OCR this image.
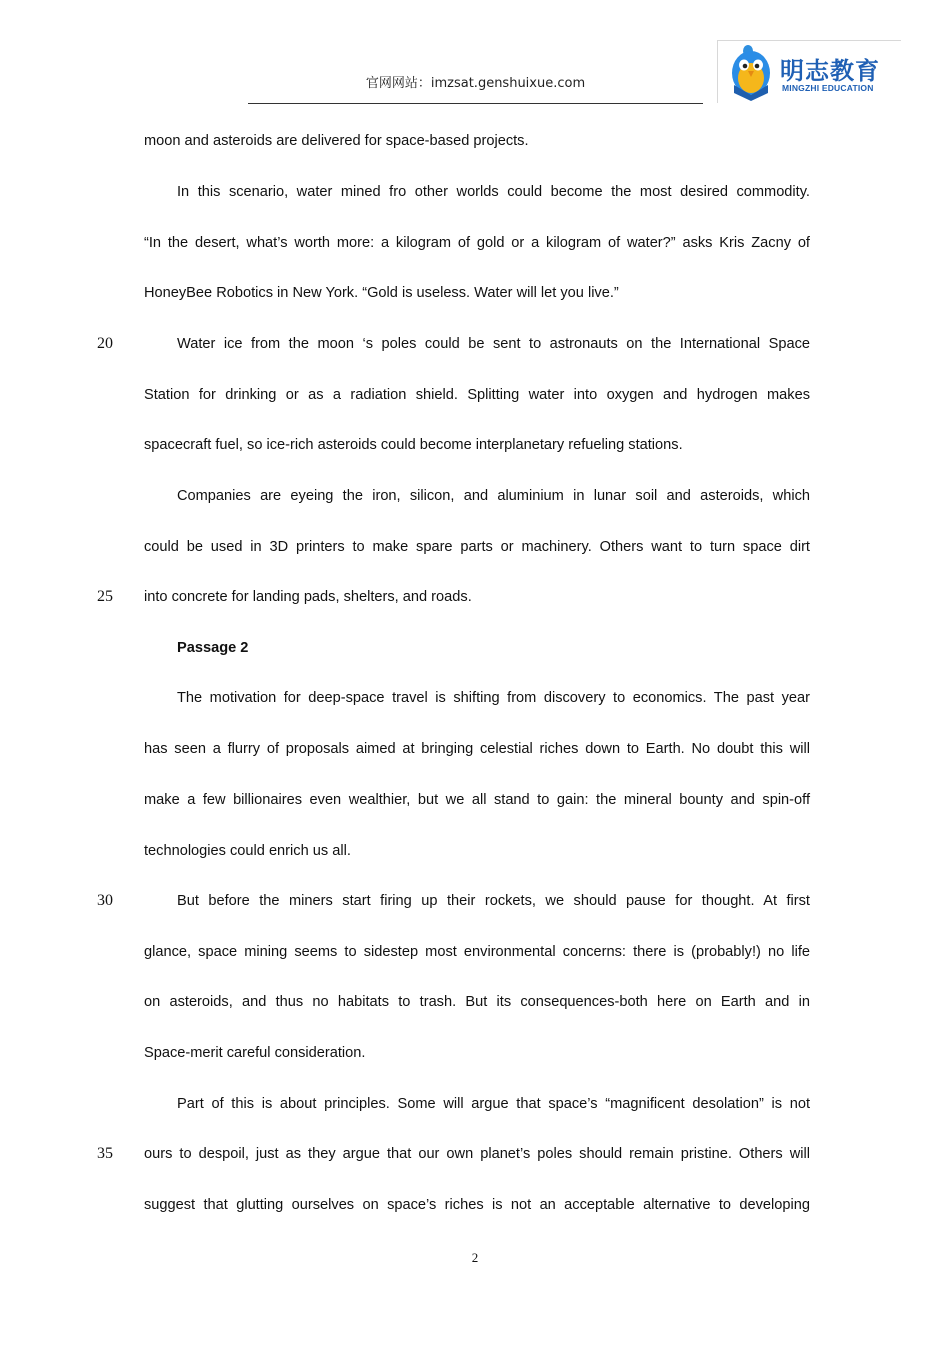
官网网站：imzsat.genshuixue.com	明志教育
MINGZHI EDUCATION
moon and asteroids are delivered for space-based projects.
In this scenario, water mined fro other worlds could become the most desired commodity.
“In the desert, what’s worth more: a kilogram of gold or a kilogram of water?” asks Kris Zacny of
HoneyBee Robotics in New York. “Gold is useless. Water will let you live.”
Water ice from the moon ‘s poles could be sent to astronauts on the International Space
Station for drinking or as a radiation shield. Splitting water into oxygen and hydrogen makes
spacecraft fuel, so ice-rich asteroids could become interplanetary refueling stations.
Companies are eyeing the iron, silicon, and aluminium in lunar soil and asteroids, which
could be used in 3D printers to make spare parts or machinery. Others want to turn space dirt
into concrete for landing pads, shelters, and roads.
Passage 2
The motivation for deep-space travel is shifting from discovery to economics. The past year
has seen a flurry of proposals aimed at bringing celestial riches down to Earth. No doubt this will
make a few billionaires even wealthier, but we all stand to gain: the mineral bounty and spin-off
technologies could enrich us all.
But before the miners start firing up their rockets, we should pause for thought. At first
glance, space mining seems to sidestep most environmental concerns: there is (probably!) no life
on asteroids, and thus no habitats to trash. But its consequences-both here on Earth and in
Space-merit careful consideration.
Part of this is about principles. Some will argue that space’s “magnificent desolation” is not
ours to despoil, just as they argue that our own planet’s poles should remain pristine. Others will
suggest that glutting ourselves on space’s riches is not an acceptable alternative to developing
20
25
30
35
2
